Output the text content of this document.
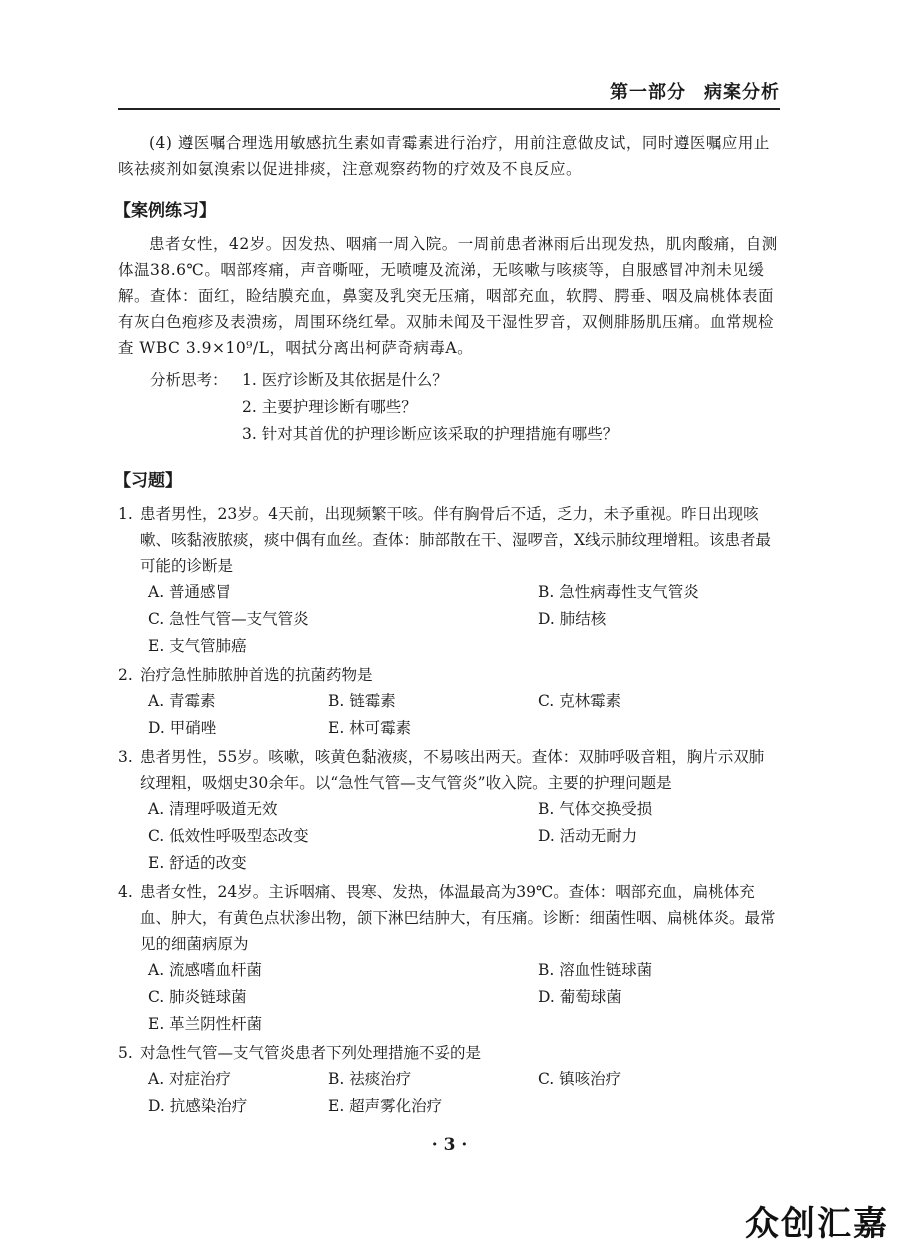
第一部分 病案分析

(4) 遵医嘱合理选用敏感抗生素如青霉素进行治疗，用前注意做皮试，同时遵医嘱应用止咳祛痰剂如氨溴索以促进排痰，注意观察药物的疗效及不良反应。

【案例练习】

患者女性，42岁。因发热、咽痛一周入院。一周前患者淋雨后出现发热，肌肉酸痛，自测体温38.6℃。咽部疼痛，声音嘶哑，无喷嚏及流涕，无咳嗽与咳痰等，自服感冒冲剂未见缓解。查体：面红，睑结膜充血，鼻窦及乳突无压痛，咽部充血，软腭、腭垂、咽及扁桃体表面有灰白色疱疹及表溃疡，周围环绕红晕。双肺未闻及干湿性罗音，双侧腓肠肌压痛。血常规检查 WBC 3.9×10⁹/L，咽拭分离出柯萨奇病毒A。

分析思考： 1. 医疗诊断及其依据是什么？
2. 主要护理诊断有哪些？
3. 针对其首优的护理诊断应该采取的护理措施有哪些？
【习题】
1. 患者男性，23岁。4天前，出现频繁干咳。伴有胸骨后不适，乏力，未予重视。昨日出现咳嗽、咳黏液脓痰，痰中偶有血丝。查体：肺部散在干、湿啰音，X线示肺纹理增粗。该患者最可能的诊断是
A. 普通感冒	B. 急性病毒性支气管炎
C. 急性气管—支气管炎	D. 肺结核
E. 支气管肺癌
2. 治疗急性肺脓肿首选的抗菌药物是
A. 青霉素	B. 链霉素	C. 克林霉素
D. 甲硝唑	E. 林可霉素
3. 患者男性，55岁。咳嗽，咳黄色黏液痰，不易咳出两天。查体：双肺呼吸音粗，胸片示双肺纹理粗，吸烟史30余年。以“急性气管—支气管炎”收入院。主要的护理问题是
A. 清理呼吸道无效	B. 气体交换受损
C. 低效性呼吸型态改变	D. 活动无耐力
E. 舒适的改变
4. 患者女性，24岁。主诉咽痛、畏寒、发热，体温最高为39℃。查体：咽部充血，扁桃体充血、肿大，有黄色点状渗出物，颌下淋巴结肿大，有压痛。诊断：细菌性咽、扁桃体炎。最常见的细菌病原为
A. 流感嗜血杆菌	B. 溶血性链球菌
C. 肺炎链球菌	D. 葡萄球菌
E. 革兰阴性杆菌
5. 对急性气管—支气管炎患者下列处理措施不妥的是
A. 对症治疗	B. 祛痰治疗	C. 镇咳治疗
D. 抗感染治疗	E. 超声雾化治疗
· 3 ·
众创汇嘉
